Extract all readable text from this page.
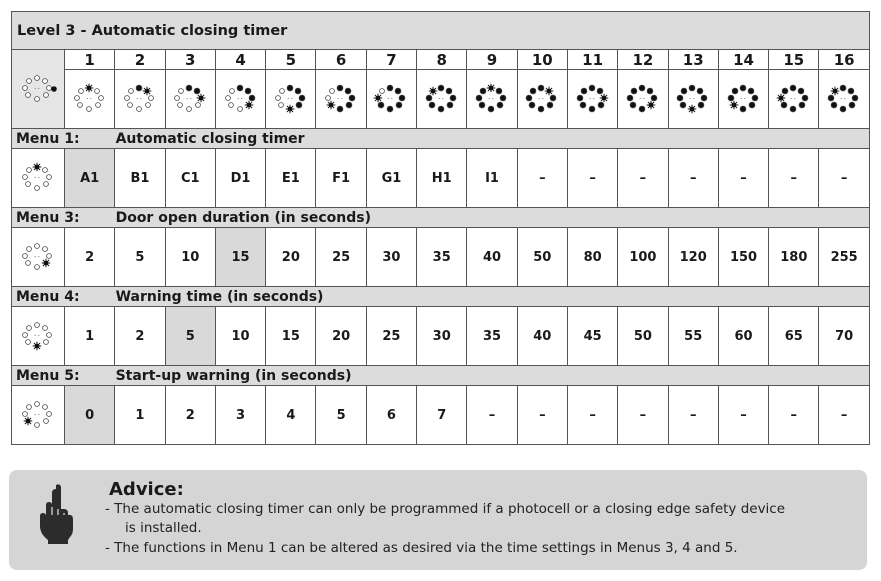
Level 3 - Automatic closing timer																

· ·	1	2	3	4	5	6	7	8	9	10	11	12	13	14	15	16

· ·	· ·	· ·	· ·	· ·	· ·	· ·	· ·	· ·	· ·	· ·	· ·	· ·	· ·	· ·	· ·

Menu 1: Automatic closing timer																

· ·	A1	B1	C1	D1	E1	F1	G1	H1	I1	–	–	–	–	–	–	–
Menu 3: Door open duration (in seconds)																

· ·	2	5	10	15	20	25	30	35	40	50	80	100	120	150	180	255
Menu 4: Warning time (in seconds)																

· ·	1	2	5	10	15	20	25	30	35	40	45	50	55	60	65	70
Menu 5: Start-up warning (in seconds)																

· ·	0	1	2	3	4	5	6	7	–	–	–	–	–	–	–	–
Advice:
- The automatic closing timer can only be programmed if a photocell or a closing edge safety device
is installed.
- The functions in Menu 1 can be altered as desired via the time settings in Menus 3, 4 and 5.
